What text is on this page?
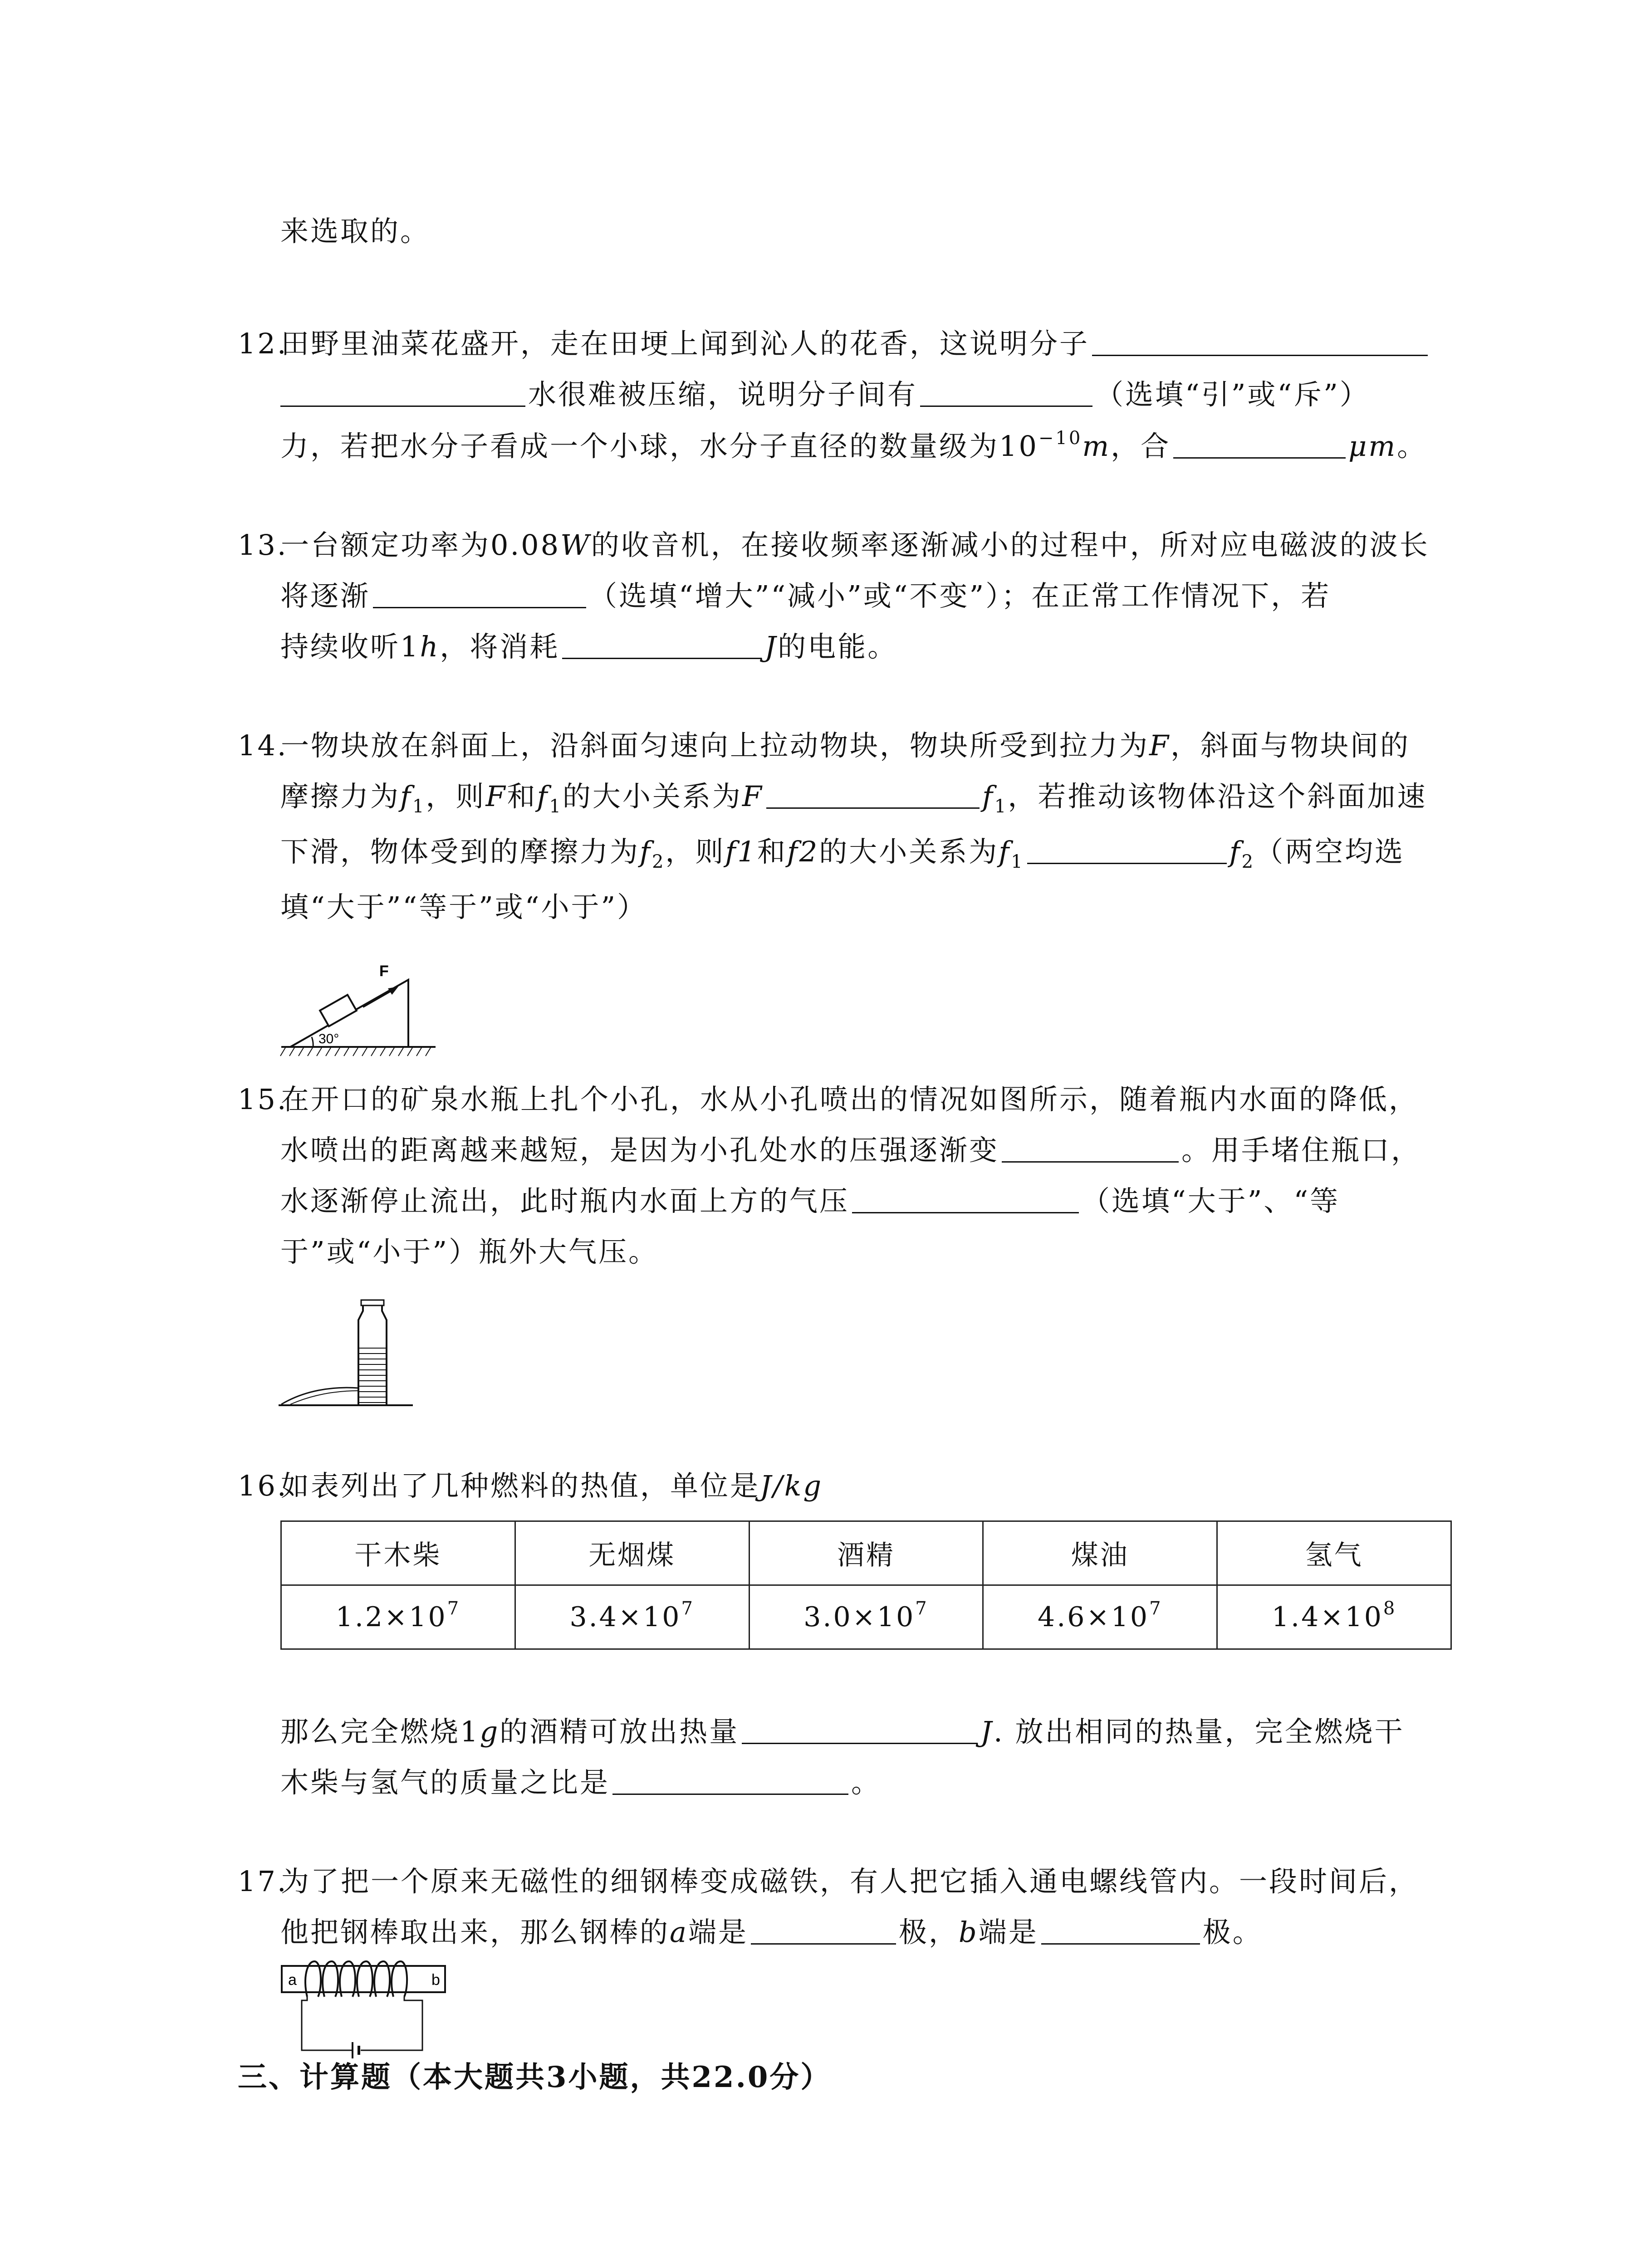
来选取的。
12.田野里油菜花盛开，走在田埂上闻到沁人的花香，这说明分子
水很难被压缩，说明分子间有	（选填“引”或“斥”）
力，若把水分子看成一个小球，水分子直径的数量级为$10^{-10}m$，合	μm。
13.一台额定功率为0.08W的收音机，在接收频率逐渐减小的过程中，所对应电磁波的波长
将逐渐	（选填“增大”“减小”或“不变”）；在正常工作情况下，若
持续收听1h，将消耗	J的电能。
14.一物块放在斜面上，沿斜面匀速向上拉动物块，物块所受到拉力为F，斜面与物块间的
摩擦力为$f_1$，则F和$f_1$的大小关系为F	$f_1$，若推动该物体沿这个斜面加速
下滑，物体受到的摩擦力为$f_2$，则f1和f2的大小关系为$f_1$	$f_2$（两空均选
填“大于”“等于”或“小于”）
F
30°
15.在开口的矿泉水瓶上扎个小孔，水从小孔喷出的情况如图所示，随着瓶内水面的降低，
水喷出的距离越来越短，是因为小孔处水的压强逐渐变	。用手堵住瓶口，
水逐渐停止流出，此时瓶内水面上方的气压	（选填“大于”、“等
于”或“小于”）瓶外大气压。
16.如表列出了几种燃料的热值，单位是J/kg
干木柴	无烟煤	酒精	煤油	氢气
$1.2\times 10^7$	$3.4\times 10^7$	$3.0\times 10^7$	$4.6\times 10^7$	$1.4\times 10^8$
那么完全燃烧1g的酒精可放出热量	J. 放出相同的热量，完全燃烧干
木柴与氢气的质量之比是	。
17.为了把一个原来无磁性的细钢棒变成磁铁，有人把它插入通电螺线管内。一段时间后，
他把钢棒取出来，那么钢棒的a端是	极，b端是	极。
a	b
三、计算题（本大题共3小题，共22.0分）
